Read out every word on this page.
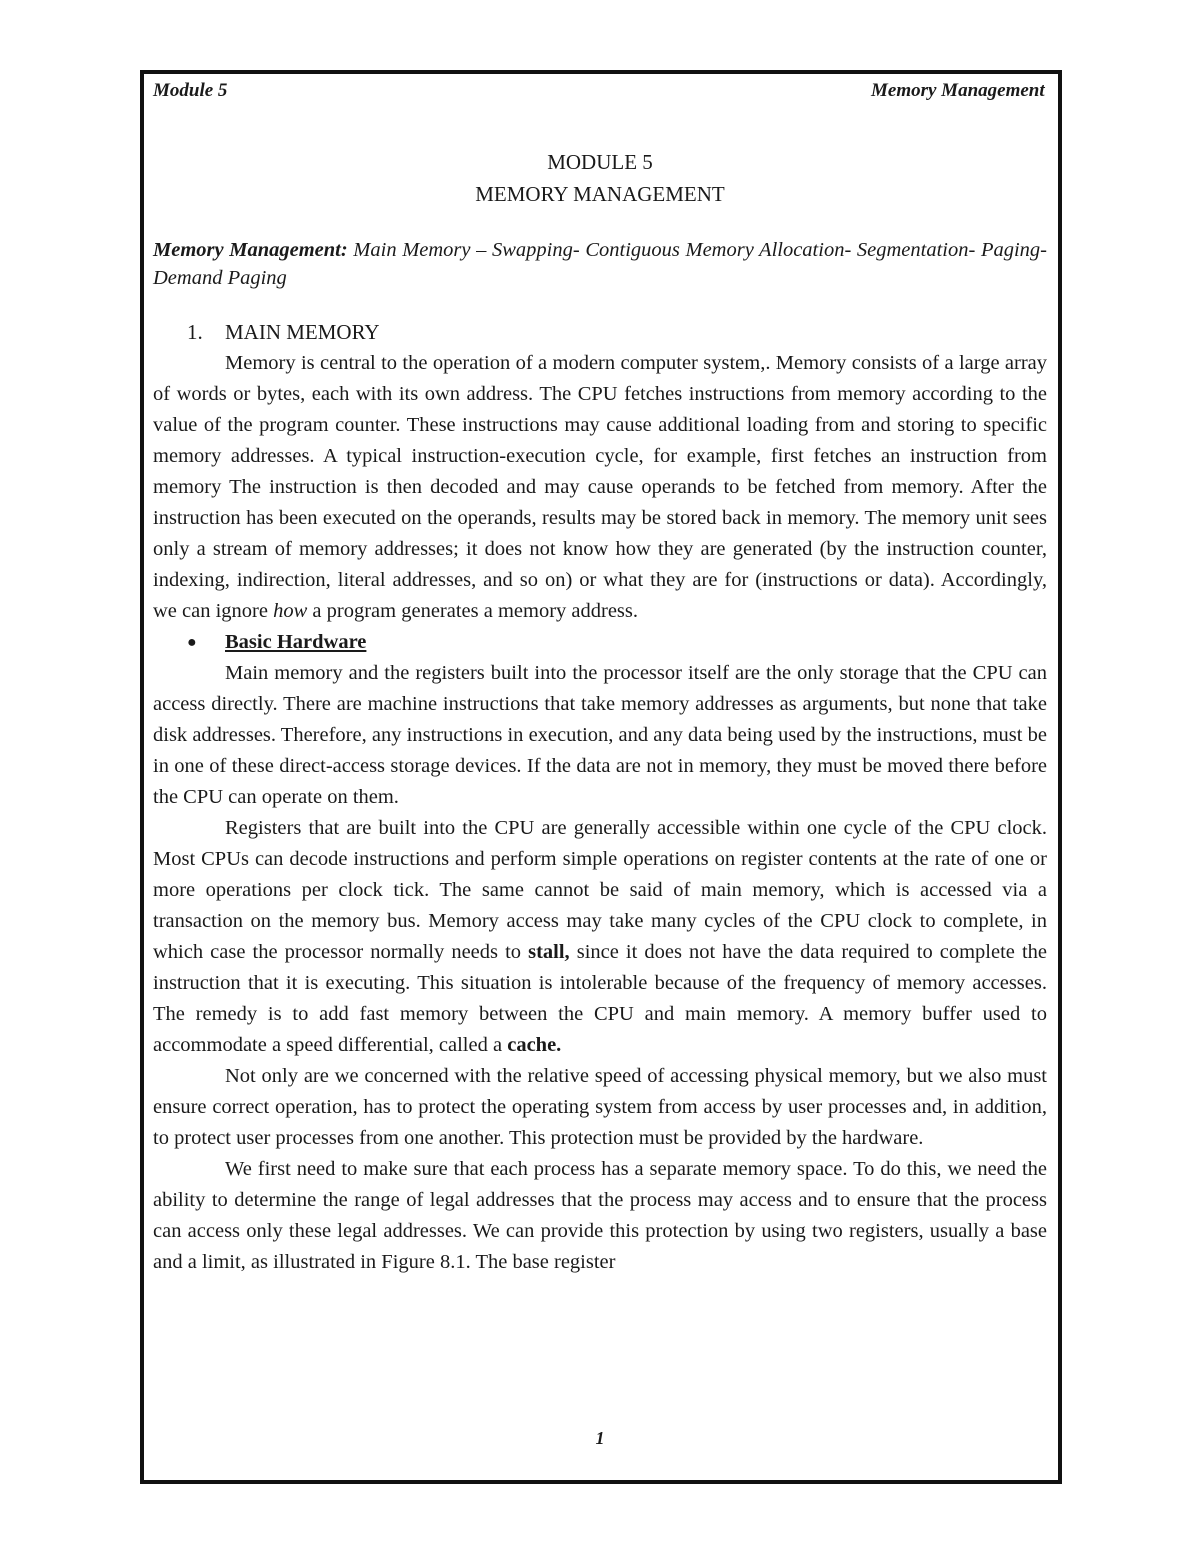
Module 5	Memory Management

MODULE 5

MEMORY MANAGEMENT

Memory Management: Main Memory – Swapping- Contiguous Memory Allocation- Segmentation- Paging- Demand Paging

1. MAIN MEMORY

Memory is central to the operation of a modern computer system,. Memory consists of a large array of words or bytes, each with its own address. The CPU fetches instructions from memory according to the value of the program counter. These instructions may cause additional loading from and storing to specific memory addresses. A typical instruction-execution cycle, for example, first fetches an instruction from memory The instruction is then decoded and may cause operands to be fetched from memory. After the instruction has been executed on the operands, results may be stored back in memory. The memory unit sees only a stream of memory addresses; it does not know how they are generated (by the instruction counter, indexing, indirection, literal addresses, and so on) or what they are for (instructions or data). Accordingly, we can ignore how a program generates a memory address.

● Basic Hardware

Main memory and the registers built into the processor itself are the only storage that the CPU can access directly. There are machine instructions that take memory addresses as arguments, but none that take disk addresses. Therefore, any instructions in execution, and any data being used by the instructions, must be in one of these direct-access storage devices. If the data are not in memory, they must be moved there before the CPU can operate on them.

Registers that are built into the CPU are generally accessible within one cycle of the CPU clock. Most CPUs can decode instructions and perform simple operations on register contents at the rate of one or more operations per clock tick. The same cannot be said of main memory, which is accessed via a transaction on the memory bus. Memory access may take many cycles of the CPU clock to complete, in which case the processor normally needs to stall, since it does not have the data required to complete the instruction that it is executing. This situation is intolerable because of the frequency of memory accesses. The remedy is to add fast memory between the CPU and main memory. A memory buffer used to accommodate a speed differential, called a cache.

Not only are we concerned with the relative speed of accessing physical memory, but we also must ensure correct operation, has to protect the operating system from access by user processes and, in addition, to protect user processes from one another. This protection must be provided by the hardware.

We first need to make sure that each process has a separate memory space. To do this, we need the ability to determine the range of legal addresses that the process may access and to ensure that the process can access only these legal addresses. We can provide this protection by using two registers, usually a base and a limit, as illustrated in Figure 8.1. The base register

1
